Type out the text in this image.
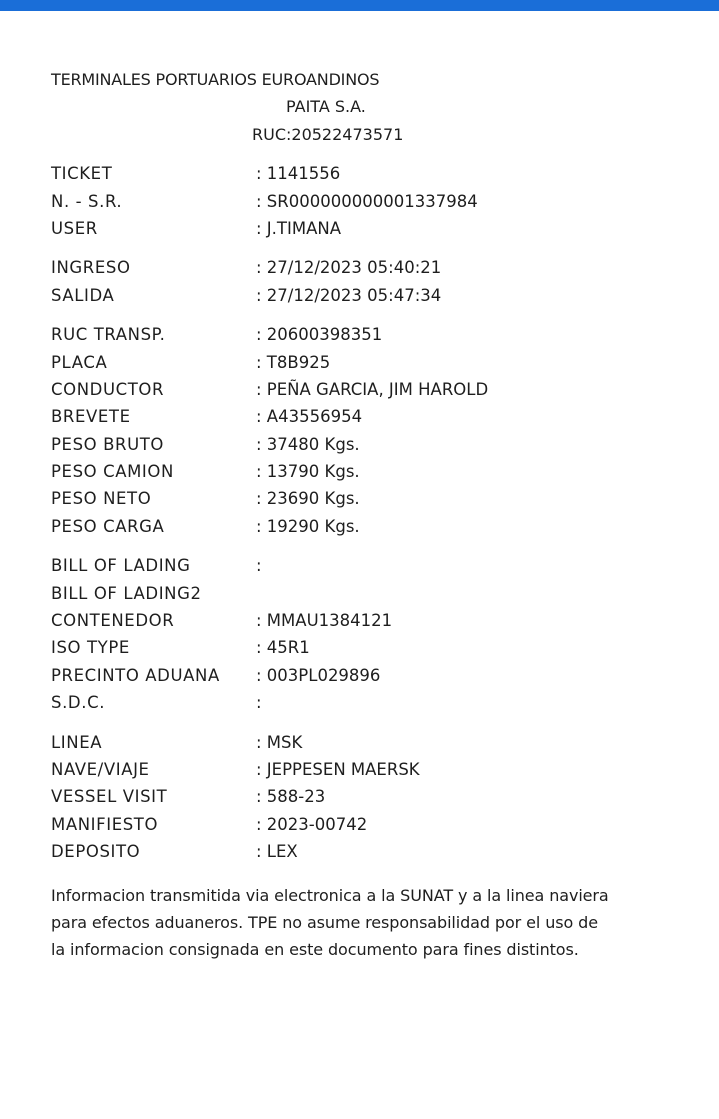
TERMINALES PORTUARIOS EUROANDINOS
PAITA S.A.
RUC:20522473571
TICKET	: 1141556
N. - S.R.	: SR000000000001337984
USER	: J.TIMANA
INGRESO	: 27/12/2023 05:40:21
SALIDA	: 27/12/2023 05:47:34
RUC TRANSP.	: 20600398351
PLACA	: T8B925
CONDUCTOR	: PEÑA GARCIA, JIM HAROLD
BREVETE	: A43556954
PESO BRUTO	: 37480 Kgs.
PESO CAMION	: 13790 Kgs.
PESO NETO	: 23690 Kgs.
PESO CARGA	: 19290 Kgs.
BILL OF LADING	:
BILL OF LADING2
CONTENEDOR	: MMAU1384121
ISO TYPE	: 45R1
PRECINTO ADUANA	: 003PL029896
S.D.C.	:
LINEA	: MSK
NAVE/VIAJE	: JEPPESEN MAERSK
VESSEL VISIT	: 588-23
MANIFIESTO	: 2023-00742
DEPOSITO	: LEX
Informacion transmitida via electronica a la SUNAT y a la linea naviera para efectos aduaneros. TPE no asume responsabilidad por el uso de la informacion consignada en este documento para fines distintos.
